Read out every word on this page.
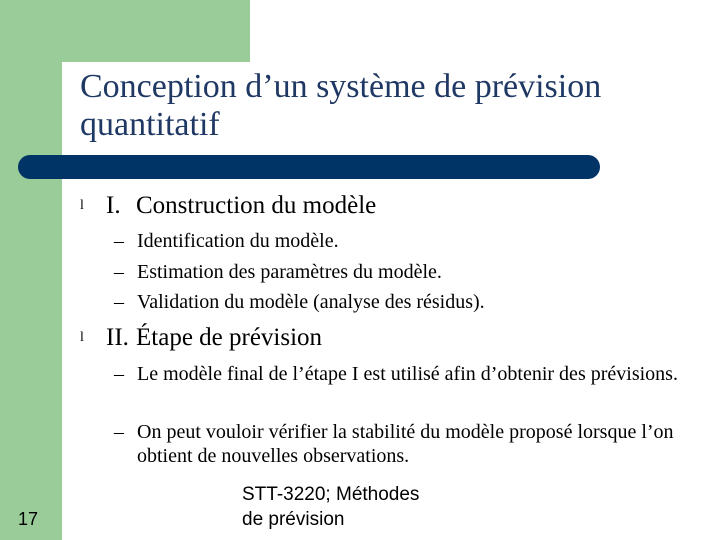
Conception d’un système de prévision
quantitatif
l I. Construction du modèle
– Identification du modèle.
– Estimation des paramètres du modèle.
– Validation du modèle (analyse des résidus).
l II. Étape de prévision
– Le modèle final de l’étape I est utilisé afin d’obtenir des prévisions.
– On peut vouloir vérifier la stabilité du modèle proposé lorsque l’on obtient de nouvelles observations.
17
STT-3220; Méthodes
de prévision
